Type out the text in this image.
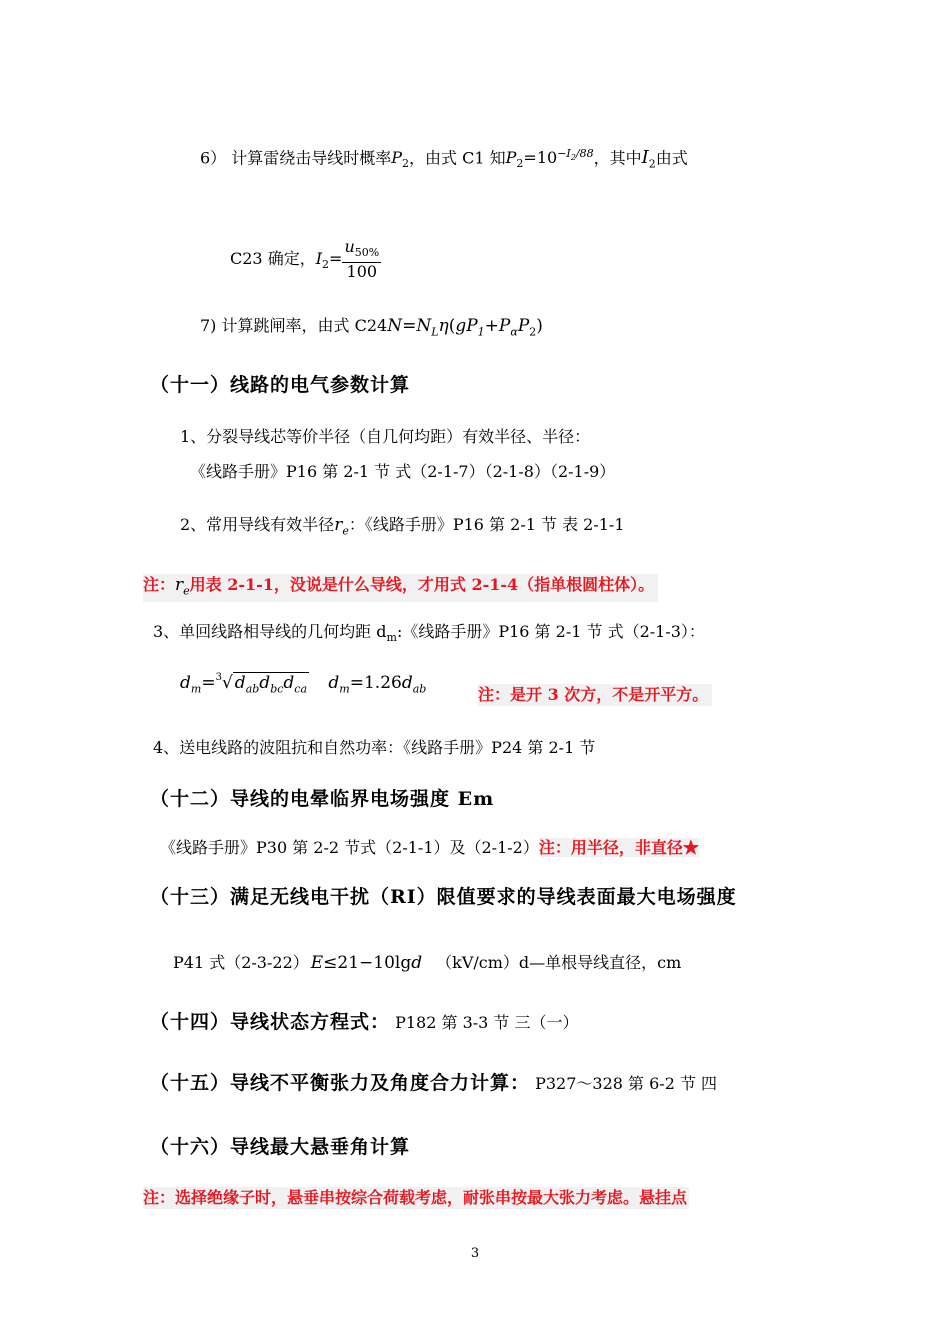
6） 计算雷绕击导线时概率$P_2$，由式 C1 知$P_2=10^{-I_2/88}$，其中$I_2$由式
C23 确定，$I_2= \frac{u_{50\%}}{100}$
7) 计算跳闸率，由式 $C24N=N_L\eta(gP_1+P_\alpha P_2)$
（十一）线路的电气参数计算
1、分裂导线芯等价半径（自几何均距）有效半径、半径：
《线路手册》P16 第 2-1 节 式（2-1-7）（2-1-8）（2-1-9）
2、常用导线有效半径$r_e$：《线路手册》P16 第 2-1 节 表 2-1-1
注：$r_e$用表 2-1-1，没说是什么导线，才用式 2-1-4（指单根圆柱体）。
3、单回线路相导线的几何均距 $d_m$:《线路手册》P16 第 2-1 节 式（2-1-3）：
$d_m=^3√$ $d_{ab}d_{bc}d_{ca}$ $d_m=1.26d_{ab}$	注：是开 3 次方，不是开平方。
4、送电线路的波阻抗和自然功率：《线路手册》P24 第 2-1 节
（十二）导线的电晕临界电场强度 Em
《线路手册》P30 第 2-2 节式（2-1-1）及（2-1-2）注：用半径，非直径★
（十三）满足无线电干扰（RI）限值要求的导线表面最大电场强度
P41 式（2-3-22） E≤21−10lgd （kV/cm）d—单根导线直径，cm
（十四）导线状态方程式： P182 第 3-3 节 三（一）
（十五）导线不平衡张力及角度合力计算： P327～328 第 6-2 节 四
（十六）导线最大悬垂角计算
注：选择绝缘子时，悬垂串按综合荷载考虑，耐张串按最大张力考虑。悬挂点
3
